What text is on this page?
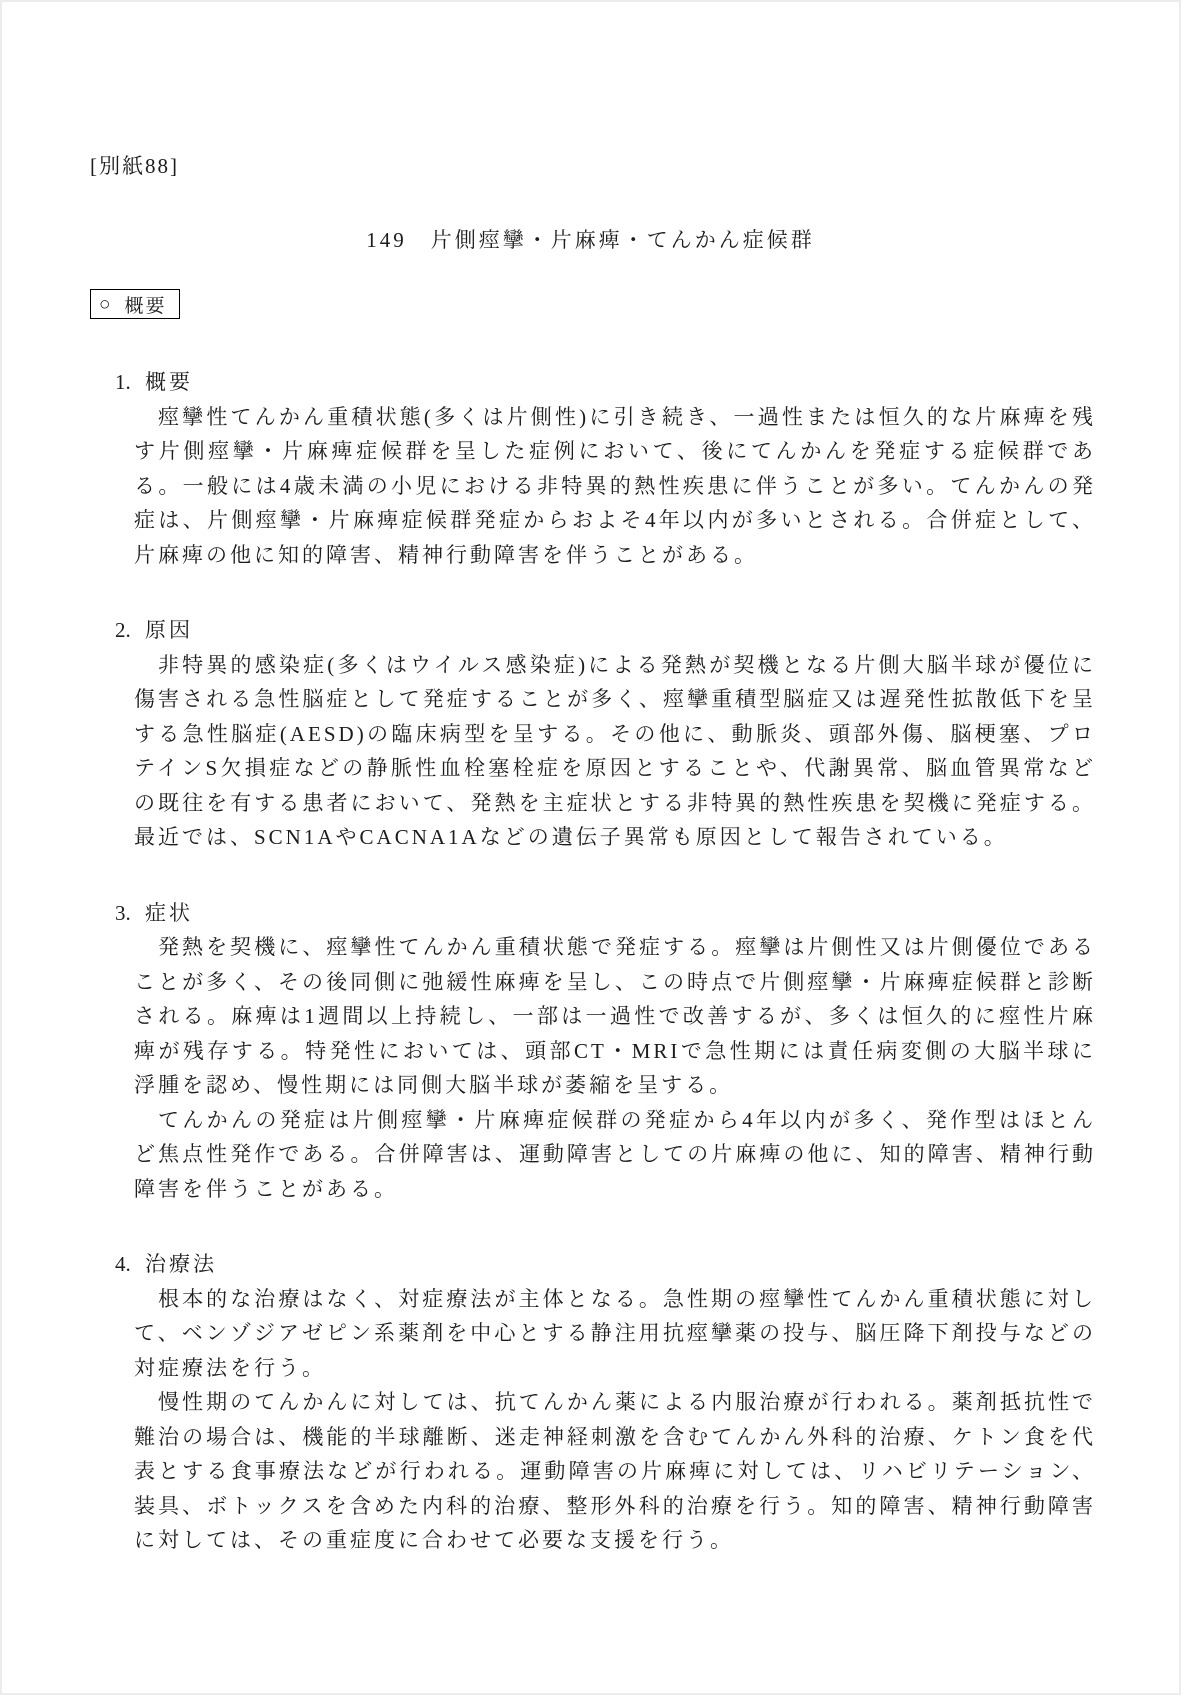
[別紙88]
149　片側痙攣・片麻痺・てんかん症候群
○ 概要
1. 概要

痙攣性てんかん重積状態(多くは片側性)に引き続き、一過性または恒久的な片麻痺を残す片側痙攣・片麻痺症候群を呈した症例において、後にてんかんを発症する症候群である。一般には4歳未満の小児における非特異的熱性疾患に伴うことが多い。てんかんの発症は、片側痙攣・片麻痺症候群発症からおよそ4年以内が多いとされる。合併症として、片麻痺の他に知的障害、精神行動障害を伴うことがある。

2. 原因

非特異的感染症(多くはウイルス感染症)による発熱が契機となる片側大脳半球が優位に傷害される急性脳症として発症することが多く、痙攣重積型脳症又は遅発性拡散低下を呈する急性脳症(AESD)の臨床病型を呈する。その他に、動脈炎、頭部外傷、脳梗塞、プロテインS欠損症などの静脈性血栓塞栓症を原因とすることや、代謝異常、脳血管異常などの既往を有する患者において、発熱を主症状とする非特異的熱性疾患を契機に発症する。最近では、SCN1AやCACNA1Aなどの遺伝子異常も原因として報告されている。

3. 症状

発熱を契機に、痙攣性てんかん重積状態で発症する。痙攣は片側性又は片側優位であることが多く、その後同側に弛緩性麻痺を呈し、この時点で片側痙攣・片麻痺症候群と診断される。麻痺は1週間以上持続し、一部は一過性で改善するが、多くは恒久的に痙性片麻痺が残存する。特発性においては、頭部CT・MRIで急性期には責任病変側の大脳半球に浮腫を認め、慢性期には同側大脳半球が萎縮を呈する。

てんかんの発症は片側痙攣・片麻痺症候群の発症から4年以内が多く、発作型はほとんど焦点性発作である。合併障害は、運動障害としての片麻痺の他に、知的障害、精神行動障害を伴うことがある。

4. 治療法

根本的な治療はなく、対症療法が主体となる。急性期の痙攣性てんかん重積状態に対して、ベンゾジアゼピン系薬剤を中心とする静注用抗痙攣薬の投与、脳圧降下剤投与などの対症療法を行う。

慢性期のてんかんに対しては、抗てんかん薬による内服治療が行われる。薬剤抵抗性で難治の場合は、機能的半球離断、迷走神経刺激を含むてんかん外科的治療、ケトン食を代表とする食事療法などが行われる。運動障害の片麻痺に対しては、リハビリテーション、装具、ボトックスを含めた内科的治療、整形外科的治療を行う。知的障害、精神行動障害に対しては、その重症度に合わせて必要な支援を行う。
